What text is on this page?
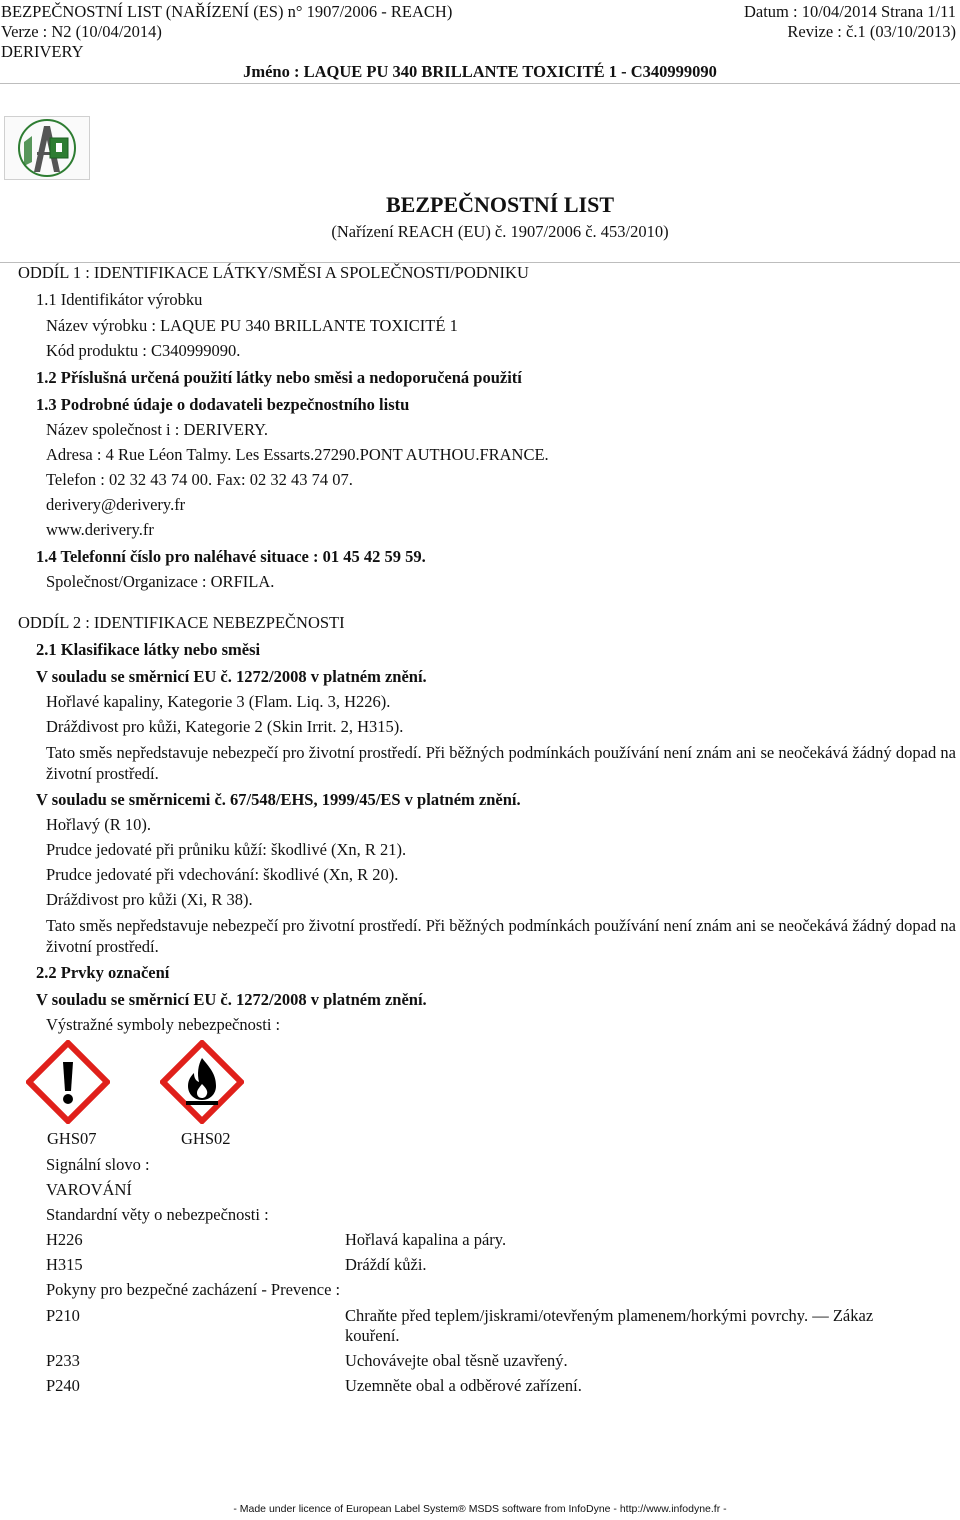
BEZPEČNOSTNÍ LIST (NAŘÍZENÍ (ES) n° 1907/2006 - REACH)	Datum : 10/04/2014 Strana 1/11
Verze : N2 (10/04/2014)	Revize : č.1 (03/10/2013)
DERIVERY
Jméno : LAQUE PU 340 BRILLANTE TOXICITÉ 1 - C340999090
BEZPEČNOSTNÍ LIST
(Nařízení REACH (EU) č. 1907/2006 č. 453/2010)
ODDÍL 1 : IDENTIFIKACE LÁTKY/SMĚSI A SPOLEČNOSTI/PODNIKU
1.1 Identifikátor výrobku
Název výrobku : LAQUE PU 340 BRILLANTE TOXICITÉ 1
Kód produktu : C340999090.
1.2 Příslušná určená použití látky nebo směsi a nedoporučená použití
1.3 Podrobné údaje o dodavateli bezpečnostního listu
Název společnost i : DERIVERY.
Adresa : 4 Rue Léon Talmy. Les Essarts.27290.PONT AUTHOU.FRANCE.
Telefon : 02 32 43 74 00. Fax: 02 32 43 74 07.
derivery@derivery.fr
www.derivery.fr
1.4 Telefonní číslo pro naléhavé situace : 01 45 42 59 59.
Společnost/Organizace : ORFILA.
ODDÍL 2 : IDENTIFIKACE NEBEZPEČNOSTI
2.1 Klasifikace látky nebo směsi
V souladu se směrnicí EU č. 1272/2008 v platném znění.
Hořlavé kapaliny, Kategorie 3 (Flam. Liq. 3, H226).
Dráždivost pro kůži, Kategorie 2 (Skin Irrit. 2, H315).
Tato směs nepředstavuje nebezpečí pro životní prostředí. Při běžných podmínkách používání není znám ani se neočekává žádný dopad na životní prostředí.
V souladu se směrnicemi č. 67/548/EHS, 1999/45/ES v platném znění.
Hořlavý (R 10).
Prudce jedovaté při průniku kůží: škodlivé (Xn, R 21).
Prudce jedovaté při vdechování: škodlivé (Xn, R 20).
Dráždivost pro kůži (Xi, R 38).
Tato směs nepředstavuje nebezpečí pro životní prostředí. Při běžných podmínkách používání není znám ani se neočekává žádný dopad na životní prostředí.
2.2 Prvky označení
V souladu se směrnicí EU č. 1272/2008 v platném znění.
Výstražné symboly nebezpečnosti :
GHS07	GHS02
Signální slovo :
VAROVÁNÍ
Standardní věty o nebezpečnosti :
H226	Hořlavá kapalina a páry.
H315	Dráždí kůži.
Pokyny pro bezpečné zacházení - Prevence :
P210	Chraňte před teplem/jiskrami/otevřeným plamenem/horkými povrchy. — Zákaz
kouření.
P233	Uchovávejte obal těsně uzavřený.
P240	Uzemněte obal a odběrové zařízení.
- Made under licence of European Label System® MSDS software from InfoDyne - http://www.infodyne.fr -
